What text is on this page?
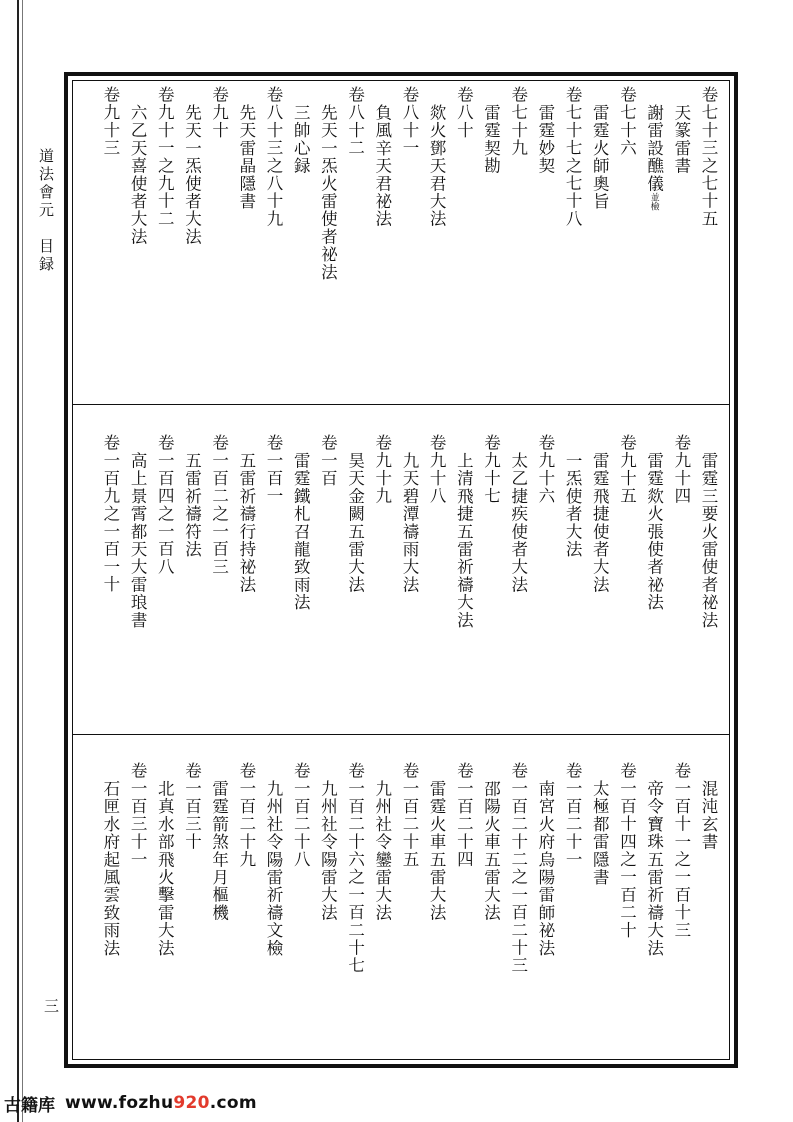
道法會元　目録
三
卷七十三之七十五
天篆雷書
謝雷設醮儀並檢
卷七十六
雷霆火師奧旨
卷七十七之七十八
雷霆妙契
卷七十九
雷霆契勘
卷八十
欻火鄧天君大法
卷八十一
負風辛天君祕法
卷八十二
先天一炁火雷使者祕法
三帥心録
卷八十三之八十九
先天雷晶隱書
卷九十
先天一炁使者大法
卷九十一之九十二
六乙天喜使者大法
卷九十三
雷霆三要火雷使者祕法
卷九十四
雷霆欻火張使者祕法
卷九十五
雷霆飛捷使者大法
一炁使者大法
卷九十六
太乙捷疾使者大法
卷九十七
上清飛捷五雷祈禱大法
卷九十八
九天碧潭禱雨大法
卷九十九
昊天金闕五雷大法
卷一百
雷霆鐵札召龍致雨法
卷一百一
五雷祈禱行持祕法
卷一百二之一百三
五雷祈禱符法
卷一百四之一百八
高上景霄都天大雷琅書
卷一百九之一百一十
混沌玄書
卷一百十一之一百十三
帝令寶珠五雷祈禱大法
卷一百十四之一百二十
太極都雷隱書
卷一百二十一
南宮火府烏陽雷師祕法
卷一百二十二之一百二十三
邵陽火車五雷大法
卷一百二十四
雷霆火車五雷大法
卷一百二十五
九州社令鑾雷大法
卷一百二十六之一百二十七
九州社令陽雷大法
卷一百二十八
九州社令陽雷祈禱文檢
卷一百二十九
雷霆箭煞年月樞機
卷一百三十
北真水部飛火擊雷大法
卷一百三十一
石匣水府起風雲致雨法
古籍库 www.fozhu920.com
